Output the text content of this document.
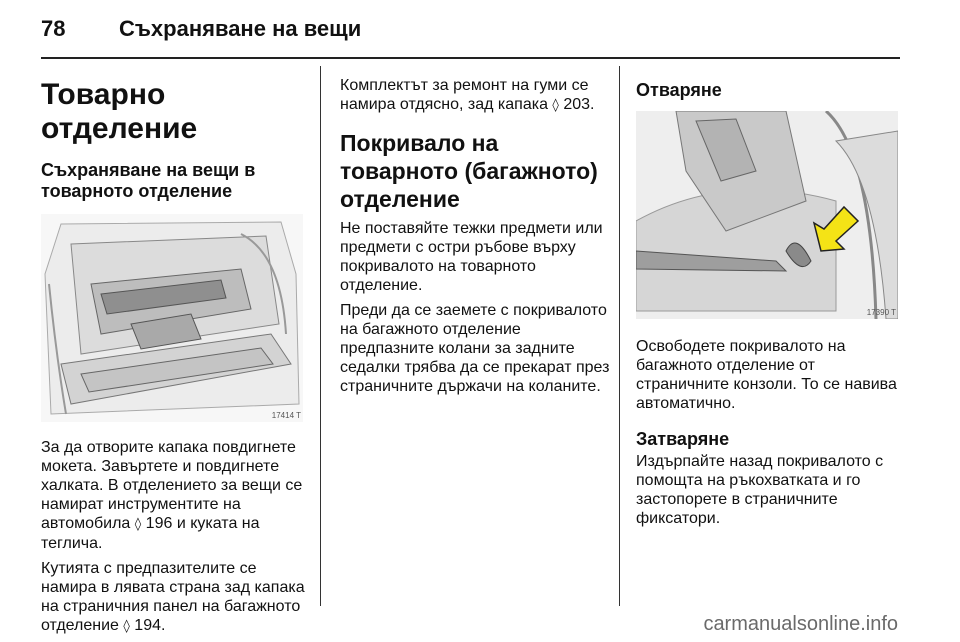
78	Съхраняване на вещи
Товарно отделение
Съхраняване на вещи в товарното отделение
17414 T

За да отворите капака повдигнете мокета. Завъртете и повдигнете халката. В отделението за вещи се намират инструментите на автомобила ◊ 196 и куката на теглича.

Кутията с предпазителите се намира в лявата страна зад капака на страничния панел на багажното отделение ◊ 194.

Комплектът за ремонт на гуми се намира отдясно, зад капака ◊ 203.

Покривало на товарното (багажното) отделение

Не поставяйте тежки предмети или предмети с остри ръбове върху покривалото на товарното отделение.

Преди да се заемете с покривалото на багажното отделение предпазните колани за задните седалки трябва да се прекарат през страничните държачи на коланите.

Отваряне
17390 T

Освободете покривалото на багажното отделение от страничните конзоли. То се навива автоматично.

Затваряне

Издърпайте назад покривалото с помощта на ръкохватката и го застопорете в страничните фиксатори.

carmanualsonline.info
